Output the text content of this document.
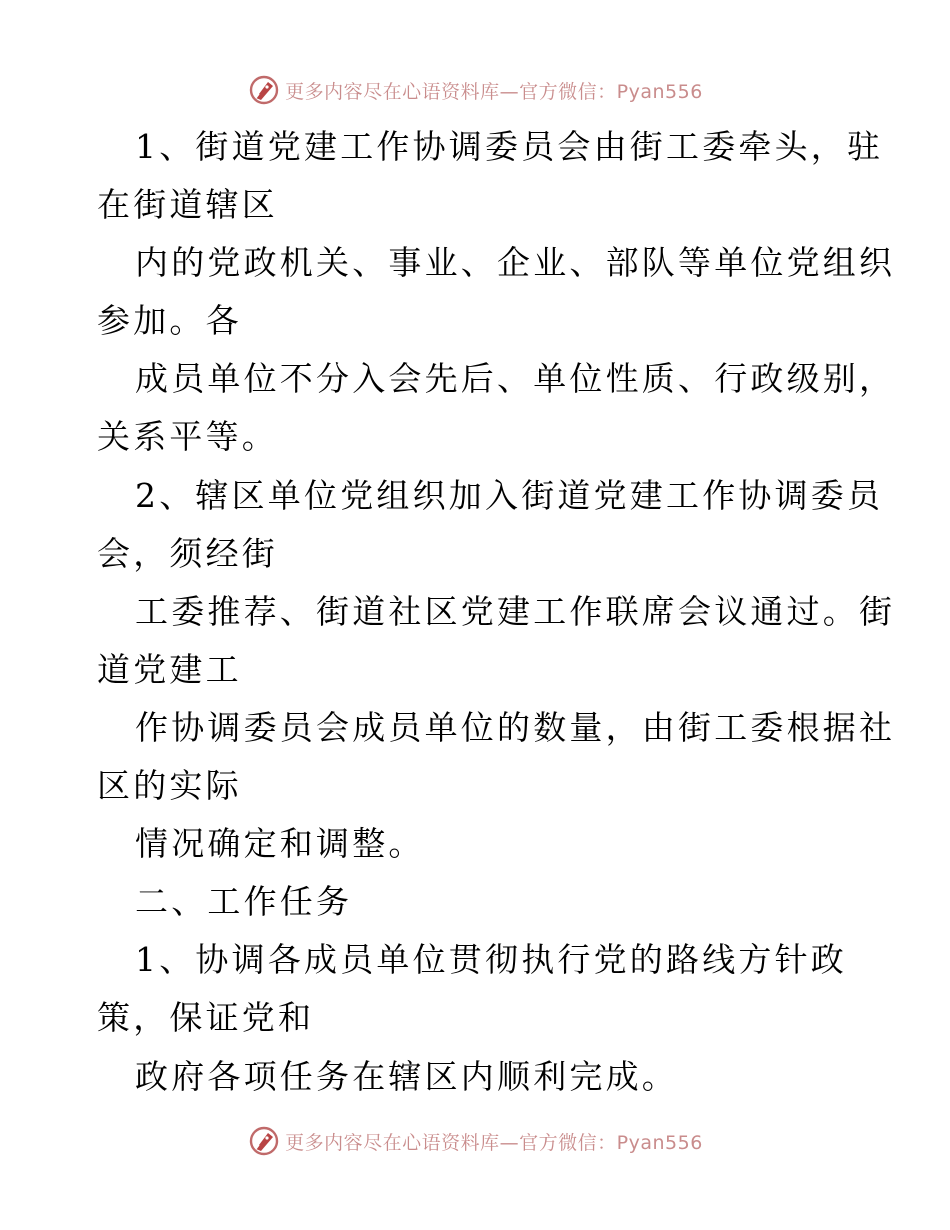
更多内容尽在心语资料库—官方微信：Pyan556
1、街道党建工作协调委员会由街工委牵头，驻
在街道辖区
内的党政机关、事业、企业、部队等单位党组织
参加。各
成员单位不分入会先后、单位性质、行政级别，
关系平等。
2、辖区单位党组织加入街道党建工作协调委员
会，须经街
工委推荐、街道社区党建工作联席会议通过。街
道党建工
作协调委员会成员单位的数量，由街工委根据社
区的实际
情况确定和调整。
二、工作任务
1、协调各成员单位贯彻执行党的路线方针政
策，保证党和
政府各项任务在辖区内顺利完成。
更多内容尽在心语资料库—官方微信：Pyan556
